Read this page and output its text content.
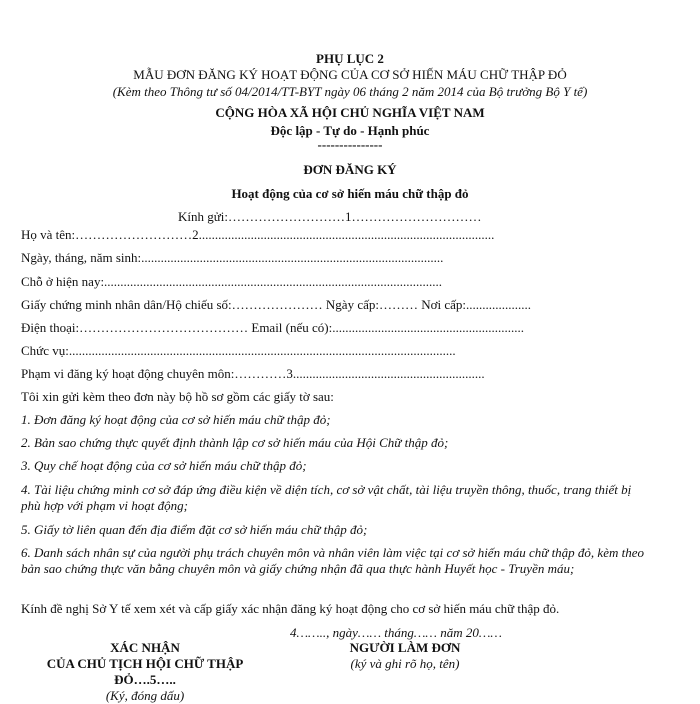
PHỤ LỤC 2
MẪU ĐƠN ĐĂNG KÝ HOẠT ĐỘNG CỦA CƠ SỞ HIẾN MÁU CHỮ THẬP ĐỎ
(Kèm theo Thông tư số 04/2014/TT-BYT ngày 06 tháng 2 năm 2014 của Bộ trưởng Bộ Y tế)
CỘNG HÒA XÃ HỘI CHỦ NGHĨA VIỆT NAM
Độc lập - Tự do - Hạnh phúc
---------------
ĐƠN ĐĂNG KÝ
Hoạt động của cơ sở hiến máu chữ thập đỏ
Kính gửi:………………………1…………………………
Họ và tên:………………………2...........................................................................................
Ngày, tháng, năm sinh:.............................................................................................
Chỗ ở hiện nay:........................................................................................................
Giấy chứng minh nhân dân/Hộ chiếu số:………………… Ngày cấp:……… Nơi cấp:....................
Điện thoại:………………………………… Email (nếu có):...........................................................
Chức vụ:.......................................................................................................................
Phạm vi đăng ký hoạt động chuyên môn:…………3...........................................................
Tôi xin gửi kèm theo đơn này bộ hồ sơ gồm các giấy tờ sau:
1. Đơn đăng ký hoạt động của cơ sở hiến máu chữ thập đỏ;
2. Bản sao chứng thực quyết định thành lập cơ sở hiến máu của Hội Chữ thập đỏ;
3. Quy chế hoạt động của cơ sở hiến máu chữ thập đỏ;
4. Tài liệu chứng minh cơ sở đáp ứng điều kiện về diện tích, cơ sở vật chất, tài liệu truyền thông, thuốc, trang thiết bị phù hợp với phạm vi hoạt động;
5. Giấy tờ liên quan đến địa điểm đặt cơ sở hiến máu chữ thập đỏ;
6. Danh sách nhân sự của người phụ trách chuyên môn và nhân viên làm việc tại cơ sở hiến máu chữ thập đỏ, kèm theo bản sao chứng thực văn bằng chuyên môn và giấy chứng nhận đã qua thực hành Huyết học - Truyền máu;
Kính đề nghị Sở Y tế xem xét và cấp giấy xác nhận đăng ký hoạt động cho cơ sở hiến máu chữ thập đỏ.
4…….., ngày…… tháng…… năm 20……
XÁC NHẬN
CỦA CHỦ TỊCH HỘI CHỮ THẬP
ĐỎ….5…..
(Ký, đóng dấu)
NGƯỜI LÀM ĐƠN
(ký và ghi rõ họ, tên)
